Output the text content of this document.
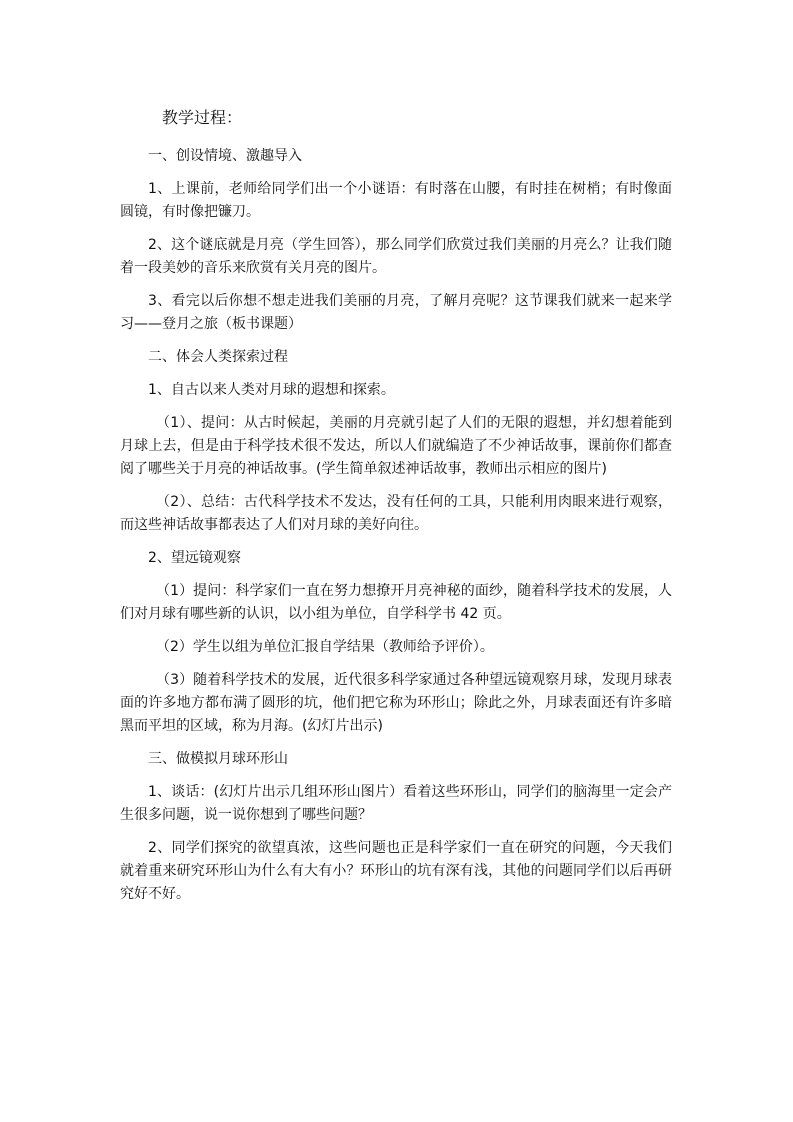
教学过程：

一、创设情境、激趣导入

1、上课前，老师给同学们出一个小谜语：有时落在山腰，有时挂在树梢；有时像面圆镜，有时像把镰刀。

2、这个谜底就是月亮（学生回答），那么同学们欣赏过我们美丽的月亮么？让我们随着一段美妙的音乐来欣赏有关月亮的图片。

3、看完以后你想不想走进我们美丽的月亮，了解月亮呢？这节课我们就来一起来学习——登月之旅（板书课题）

二、体会人类探索过程

1、自古以来人类对月球的遐想和探索。

（1）、提问：从古时候起，美丽的月亮就引起了人们的无限的遐想，并幻想着能到月球上去，但是由于科学技术很不发达，所以人们就编造了不少神话故事，课前你们都查阅了哪些关于月亮的神话故事。(学生简单叙述神话故事，教师出示相应的图片)

（2）、总结：古代科学技术不发达，没有任何的工具，只能利用肉眼来进行观察，而这些神话故事都表达了人们对月球的美好向往。

2、望远镜观察

（1）提问：科学家们一直在努力想撩开月亮神秘的面纱，随着科学技术的发展，人们对月球有哪些新的认识，以小组为单位，自学科学书 42 页。

（2）学生以组为单位汇报自学结果（教师给予评价）。

（3）随着科学技术的发展，近代很多科学家通过各种望远镜观察月球，发现月球表面的许多地方都布满了圆形的坑，他们把它称为环形山；除此之外，月球表面还有许多暗黑而平坦的区域，称为月海。(幻灯片出示)

三、做模拟月球环形山

1、谈话：(幻灯片出示几组环形山图片）看着这些环形山，同学们的脑海里一定会产生很多问题，说一说你想到了哪些问题？

2、同学们探究的欲望真浓，这些问题也正是科学家们一直在研究的问题，今天我们就着重来研究环形山为什么有大有小？环形山的坑有深有浅，其他的问题同学们以后再研究好不好。
